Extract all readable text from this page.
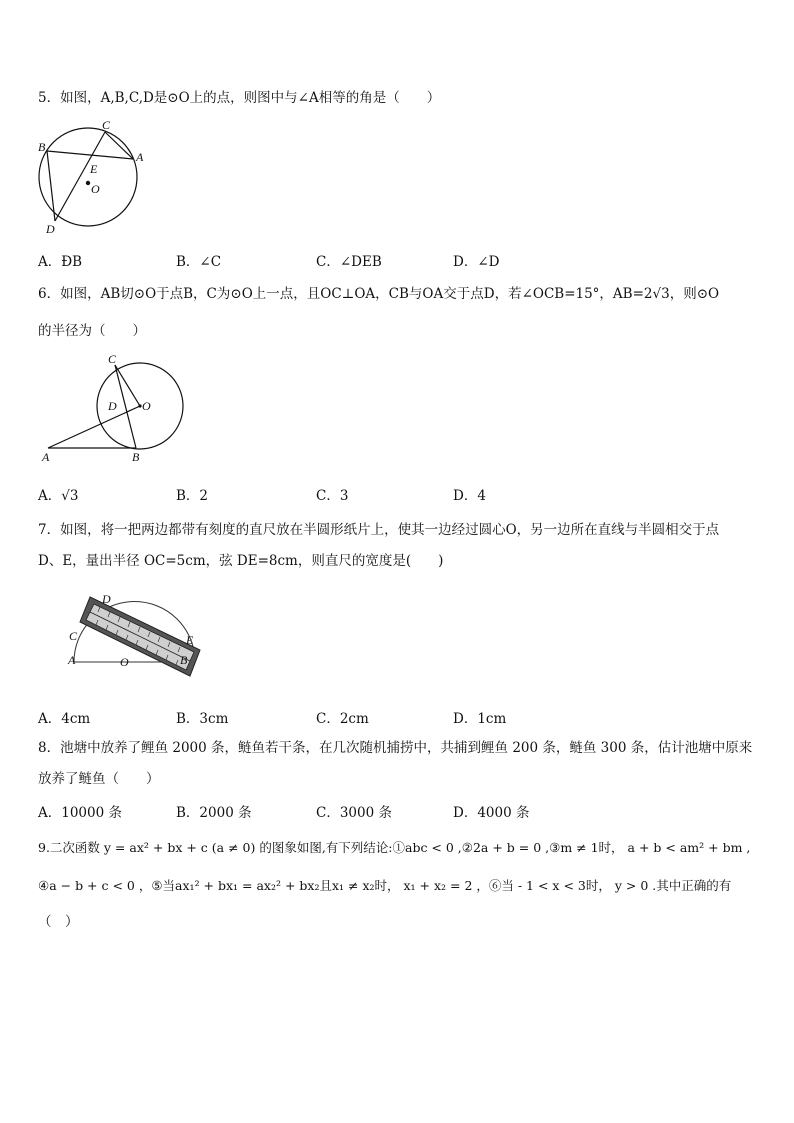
5．如图，A,B,C,D是⊙O上的点，则图中与∠A相等的角是（　　）
C
B
A
E
O
D
A．ÐB	B．∠C	C．∠DEB	D．∠D
6．如图，AB切⊙O于点B，C为⊙O上一点，且OC⊥OA，CB与OA交于点D，若∠OCB=15°，AB=2√3，则⊙O
的半径为（　　）
C
D O
A	B
A．√3	B．2	C．3	D．4
7．如图，将一把两边都带有刻度的直尺放在半圆形纸片上，使其一边经过圆心O，另一边所在直线与半圆相交于点
D、E，量出半径 OC=5cm，弦 DE=8cm，则直尺的宽度是(　　)
D
C	E
A	O	B
A．4cm	B．3cm	C．2cm	D．1cm
8．池塘中放养了鲤鱼 2000 条，鲢鱼若干条，在几次随机捕捞中，共捕到鲤鱼 200 条，鲢鱼 300 条，估计池塘中原来
放养了鲢鱼（　　）
A．10000 条	B．2000 条	C．3000 条	D．4000 条
9.二次函数 y = ax² + bx + c (a ≠ 0) 的图象如图,有下列结论:①abc < 0 ,②2a + b = 0 ,③m ≠ 1时， a + b < am² + bm ,
④a − b + c < 0 ，⑤当ax₁² + bx₁ = ax₂² + bx₂且x₁ ≠ x₂时， x₁ + x₂ = 2 ，⑥当 - 1 < x < 3时， y > 0 .其中正确的有
（　）
